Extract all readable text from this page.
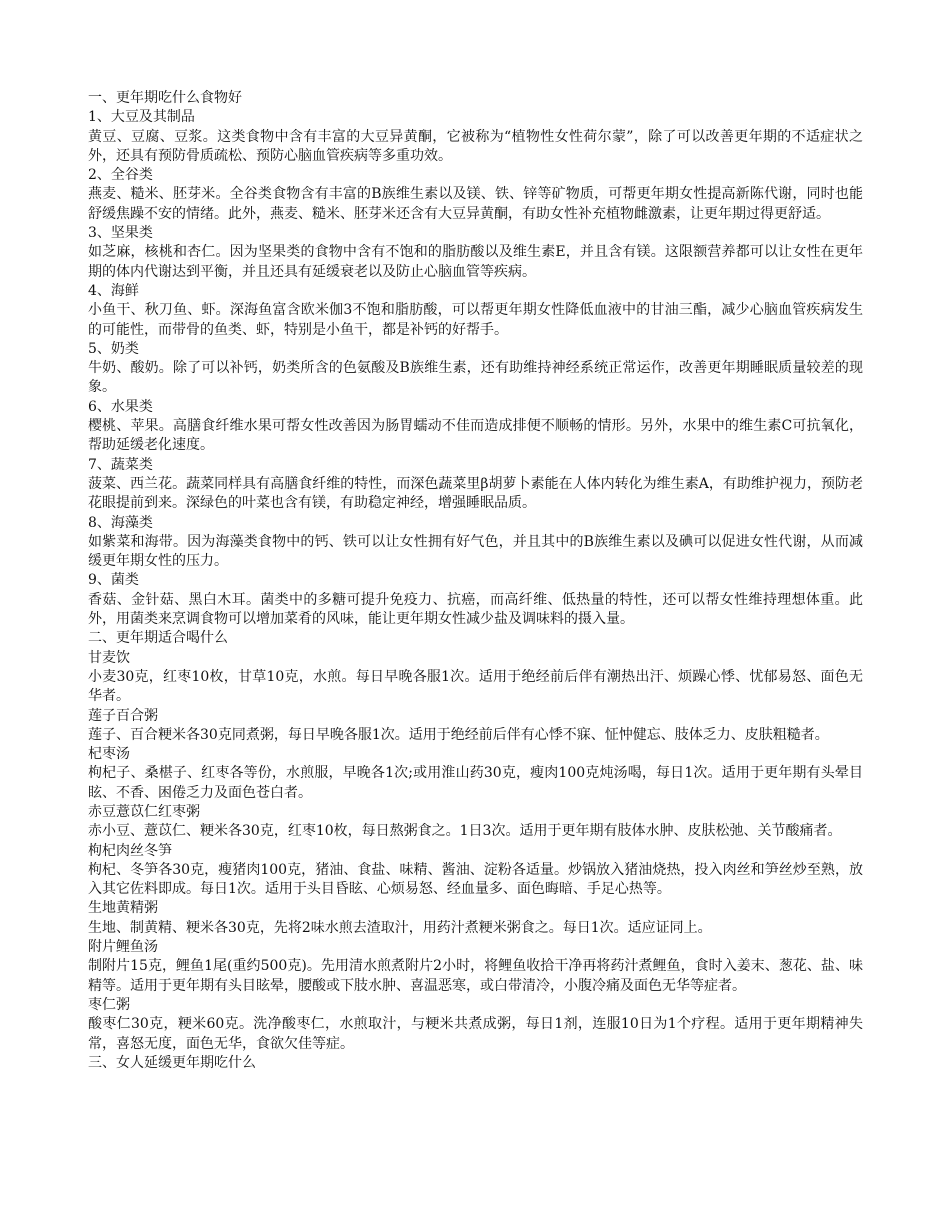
一、更年期吃什么食物好

1、大豆及其制品

黄豆、豆腐、豆浆。这类食物中含有丰富的大豆异黄酮，它被称为“植物性女性荷尔蒙”，除了可以改善更年期的不适症状之外，还具有预防骨质疏松、预防心脑血管疾病等多重功效。

2、全谷类

燕麦、糙米、胚芽米。全谷类食物含有丰富的B族维生素以及镁、铁、锌等矿物质，可帮更年期女性提高新陈代谢，同时也能舒缓焦躁不安的情绪。此外，燕麦、糙米、胚芽米还含有大豆异黄酮，有助女性补充植物雌激素，让更年期过得更舒适。

3、坚果类

如芝麻，核桃和杏仁。因为坚果类的食物中含有不饱和的脂肪酸以及维生素E，并且含有镁。这限额营养都可以让女性在更年期的体内代谢达到平衡，并且还具有延缓衰老以及防止心脑血管等疾病。

4、海鲜

小鱼干、秋刀鱼、虾。深海鱼富含欧米伽3不饱和脂肪酸，可以帮更年期女性降低血液中的甘油三酯，减少心脑血管疾病发生的可能性，而带骨的鱼类、虾，特别是小鱼干，都是补钙的好帮手。

5、奶类

牛奶、酸奶。除了可以补钙，奶类所含的色氨酸及B族维生素，还有助维持神经系统正常运作，改善更年期睡眠质量较差的现象。

6、水果类

樱桃、苹果。高膳食纤维水果可帮女性改善因为肠胃蠕动不佳而造成排便不顺畅的情形。另外，水果中的维生素C可抗氧化，帮助延缓老化速度。

7、蔬菜类

菠菜、西兰花。蔬菜同样具有高膳食纤维的特性，而深色蔬菜里β胡萝卜素能在人体内转化为维生素A，有助维护视力，预防老花眼提前到来。深绿色的叶菜也含有镁，有助稳定神经，增强睡眠品质。

8、海藻类

如紫菜和海带。因为海藻类食物中的钙、铁可以让女性拥有好气色，并且其中的B族维生素以及碘可以促进女性代谢，从而减缓更年期女性的压力。

9、菌类

香菇、金针菇、黑白木耳。菌类中的多糖可提升免疫力、抗癌，而高纤维、低热量的特性，还可以帮女性维持理想体重。此外，用菌类来烹调食物可以增加菜肴的风味，能让更年期女性减少盐及调味料的摄入量。

二、更年期适合喝什么

甘麦饮

小麦30克，红枣10枚，甘草10克，水煎。每日早晚各服1次。适用于绝经前后伴有潮热出汗、烦躁心悸、忧郁易怒、面色无华者。

莲子百合粥

莲子、百合粳米各30克同煮粥，每日早晚各服1次。适用于绝经前后伴有心悸不寐、怔忡健忘、肢体乏力、皮肤粗糙者。

杞枣汤

枸杞子、桑椹子、红枣各等份，水煎服，早晚各1次;或用淮山药30克，瘦肉100克炖汤喝，每日1次。适用于更年期有头晕目眩、不香、困倦乏力及面色苍白者。

赤豆薏苡仁红枣粥

赤小豆、薏苡仁、粳米各30克，红枣10枚，每日熬粥食之。1日3次。适用于更年期有肢体水肿、皮肤松弛、关节酸痛者。

枸杞肉丝冬笋

枸杞、冬笋各30克，瘦猪肉100克，猪油、食盐、味精、酱油、淀粉各适量。炒锅放入猪油烧热，投入肉丝和笋丝炒至熟，放入其它佐料即成。每日1次。适用于头目昏眩、心烦易怒、经血量多、面色晦暗、手足心热等。

生地黄精粥

生地、制黄精、粳米各30克，先将2味水煎去渣取汁，用药汁煮粳米粥食之。每日1次。适应证同上。

附片鲤鱼汤

制附片15克，鲤鱼1尾(重约500克)。先用清水煎煮附片2小时，将鲤鱼收拾干净再将药汁煮鲤鱼，食时入姜末、葱花、盐、味精等。适用于更年期有头目眩晕，腰酸或下肢水肿、喜温恶寒，或白带清冷，小腹冷痛及面色无华等症者。

枣仁粥

酸枣仁30克，粳米60克。洗净酸枣仁，水煎取汁，与粳米共煮成粥，每日1剂，连服10日为1个疗程。适用于更年期精神失常，喜怒无度，面色无华，食欲欠佳等症。

三、女人延缓更年期吃什么
